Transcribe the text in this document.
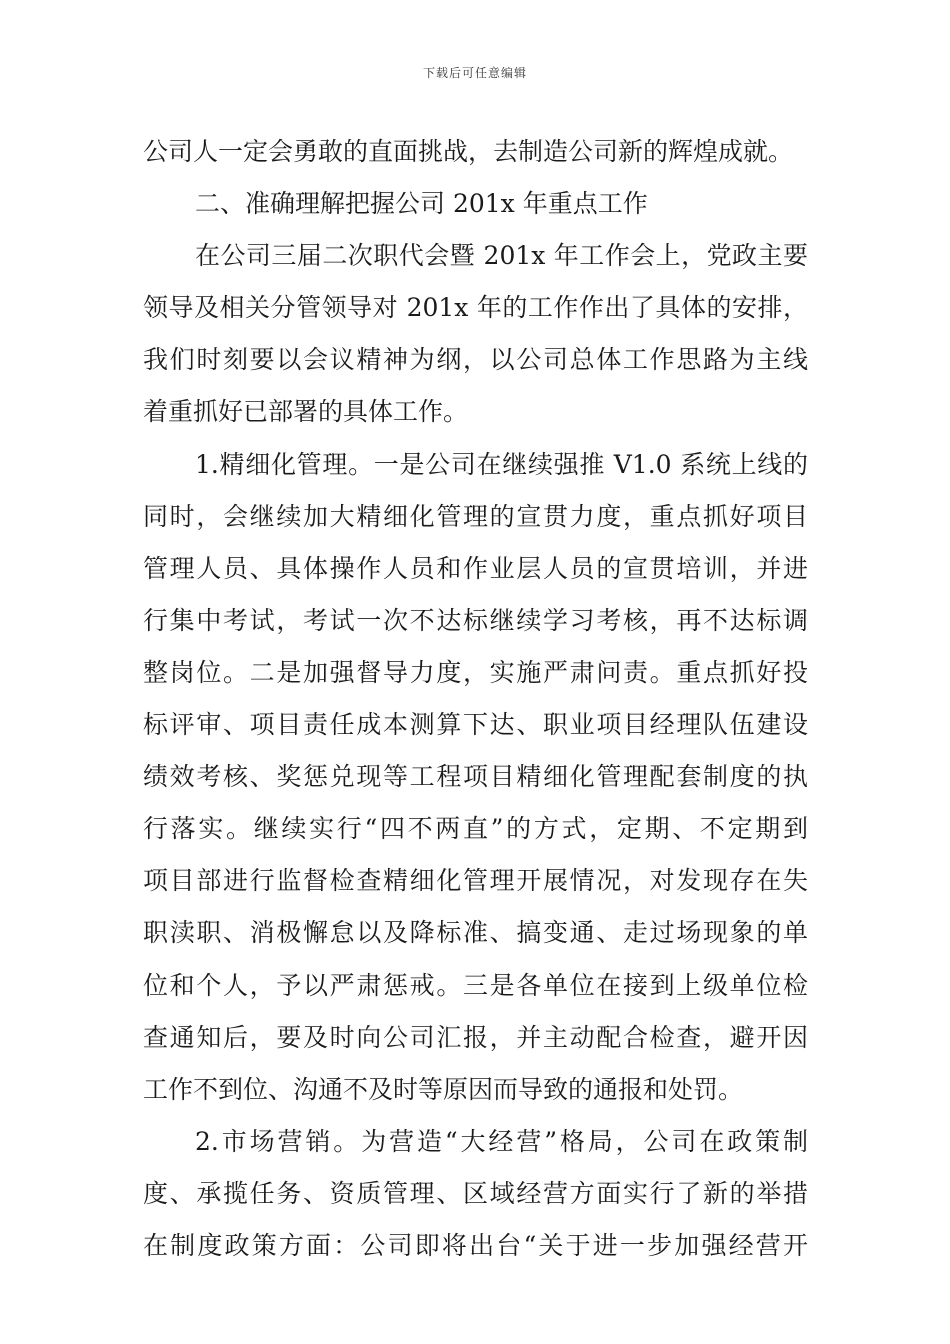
下载后可任意编辑
公司人一定会勇敢的直面挑战，去制造公司新的辉煌成就。
二、准确理解把握公司 201x 年重点工作
在公司三届二次职代会暨 201x 年工作会上，党政主要
领导及相关分管领导对 201x 年的工作作出了具体的安排，
我们时刻要以会议精神为纲，以公司总体工作思路为主线
着重抓好已部署的具体工作。
1.精细化管理。一是公司在继续强推 V1.0 系统上线的
同时，会继续加大精细化管理的宣贯力度，重点抓好项目
管理人员、具体操作人员和作业层人员的宣贯培训，并进
行集中考试，考试一次不达标继续学习考核，再不达标调
整岗位。二是加强督导力度，实施严肃问责。重点抓好投
标评审、项目责任成本测算下达、职业项目经理队伍建设
绩效考核、奖惩兑现等工程项目精细化管理配套制度的执
行落实。继续实行“四不两直”的方式，定期、不定期到
项目部进行监督检查精细化管理开展情况，对发现存在失
职渎职、消极懈怠以及降标准、搞变通、走过场现象的单
位和个人，予以严肃惩戒。三是各单位在接到上级单位检
查通知后，要及时向公司汇报，并主动配合检查，避开因
工作不到位、沟通不及时等原因而导致的通报和处罚。
2.市场营销。为营造“大经营”格局，公司在政策制
度、承揽任务、资质管理、区域经营方面实行了新的举措
在制度政策方面：公司即将出台“关于进一步加强经营开
